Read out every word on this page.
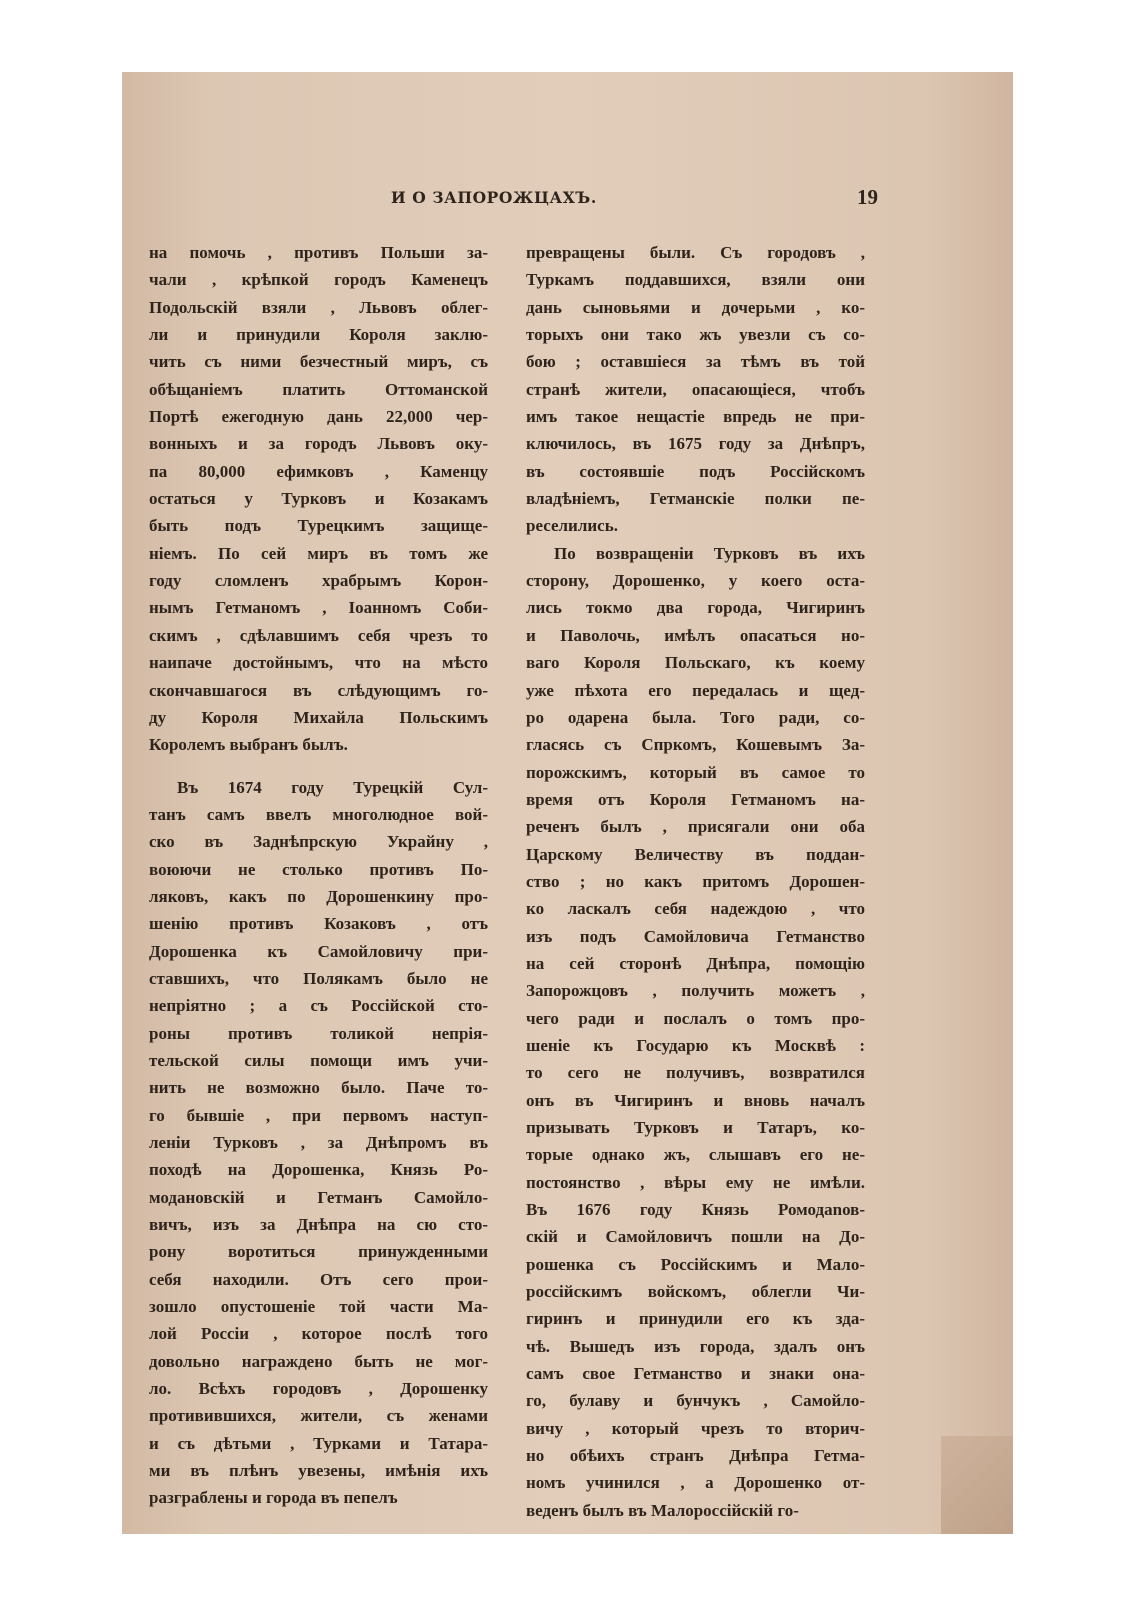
И О ЗАПОРОЖЦАХЪ.	19
на помочь , противъ Польши за-
чали , крѣпкой городъ Каменецъ
Подольскій взяли , Львовъ облег-
ли и принудили Короля заклю-
чить съ ними безчестный миръ, съ
обѣщаніемъ платить Оттоманской
Портѣ ежегодную дань 22,000 чер-
вонныхъ и за городъ Львовъ оку-
па 80,000 ефимковъ , Каменцу
остаться у Турковъ и Козакамъ
быть подъ Турецкимъ защище-
ніемъ. По сей миръ въ томъ же
году сломленъ храбрымъ Корон-
нымъ Гетманомъ , Іоанномъ Соби-
скимъ , сдѣлавшимъ себя чрезъ то
наипаче достойнымъ, что на мѣсто
скончавшагося въ слѣдующимъ го-
ду Короля Михайла Польскимъ
Королемъ выбранъ былъ.
Въ 1674 году Турецкій Сул-
танъ самъ ввелъ многолюдное вой-
ско въ Заднѣпрскую Украйну ,
воюючи не столько противъ По-
ляковъ, какъ по Дорошенкину про-
шенію противъ Козаковъ , отъ
Дорошенка къ Самойловичу при-
ставшихъ, что Полякамъ было не
непріятно ; а съ Россійской сто-
роны противъ толикой непрія-
тельской силы помощи имъ учи-
нить не возможно было. Паче то-
го бывшіе , при первомъ наступ-
леніи Турковъ , за Днѣпромъ въ
походѣ на Дорошенка, Князь Ро-
модановскій и Гетманъ Самойло-
вичъ, изъ за Днѣпра на сю сто-
рону воротиться принужденными
себя находили. Отъ сего прои-
зошло опустошеніе той части Ма-
лой Россіи , которое послѣ того
довольно награждено быть не мог-
ло. Всѣхъ городовъ , Дорошенку
противившихся, жители, съ женами
и съ дѣтьми , Турками и Татара-
ми въ плѣнъ увезены, имѣнія ихъ
разграблены и города въ пепелъ
превращены были. Съ городовъ ,
Туркамъ поддавшихся, взяли они
дань сыновьями и дочерьми , ко-
торыхъ они тако жъ увезли съ со-
бою ; оставшіеся за тѣмъ въ той
странѣ жители, опасающіеся, чтобъ
имъ такое нещастіе впредь не при-
ключилось, въ 1675 году за Днѣпръ,
въ состоявшіе подъ Россійскомъ
владѣніемъ, Гетманскіе полки пе-
реселились.
По возвращеніи Турковъ въ ихъ
сторону, Дорошенко, у коего оста-
лись токмо два города, Чигиринъ
и Паволочь, имѣлъ опасаться но-
ваго Короля Польскаго, къ коему
уже пѣхота его передалась и щед-
ро одарена была. Того ради, со-
гласясь съ Спркомъ, Кошевымъ За-
порожскимъ, который въ самое то
время отъ Короля Гетманомъ на-
реченъ былъ , присягали они оба
Царскому Величеству въ поддан-
ство ; но какъ притомъ Дорошен-
ко ласкалъ себя надеждою , что
изъ подъ Самойловича Гетманство
на сей сторонѣ Днѣпра, помощію
Запорожцовъ , получить можетъ ,
чего ради и послалъ о томъ про-
шеніе къ Государю къ Москвѣ :
то сего не получивъ, возвратился
онъ въ Чигиринъ и вновь началъ
призывать Турковъ и Татаръ, ко-
торые однако жъ, слышавъ его не-
постоянство , вѣры ему не имѣли.
Въ 1676 году Князь Ромодanов-
скій и Самойловичъ пошли на До-
рошенка съ Россійскимъ и Мало-
россійскимъ войскомъ, облегли Чи-
гиринъ и принудили его къ зда-
чѣ. Вышедъ изъ города, здалъ онъ
самъ свое Гетманство и знаки она-
го, булаву и бунчукъ , Самойло-
вичу , который чрезъ то вторич-
но обѣихъ странъ Днѣпра Гетма-
номъ учинился , а Дорошенко от-
веденъ былъ въ Малороссійскій го-
